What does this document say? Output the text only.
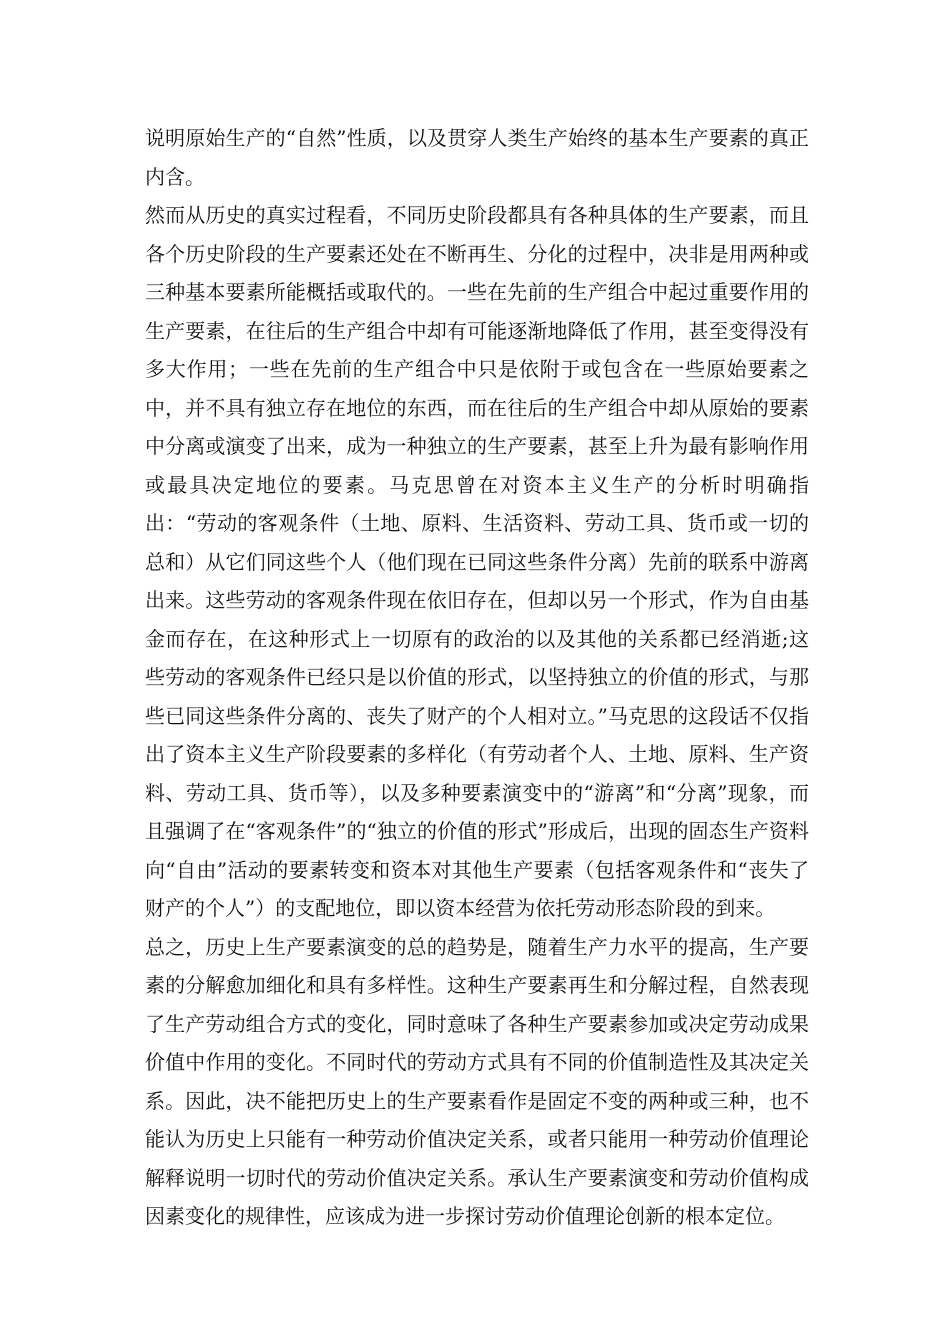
说明原始生产的“自然”性质，以及贯穿人类生产始终的基本生产要素的真正内含。

然而从历史的真实过程看，不同历史阶段都具有各种具体的生产要素，而且各个历史阶段的生产要素还处在不断再生、分化的过程中，决非是用两种或三种基本要素所能概括或取代的。一些在先前的生产组合中起过重要作用的生产要素，在往后的生产组合中却有可能逐渐地降低了作用，甚至变得没有多大作用；一些在先前的生产组合中只是依附于或包含在一些原始要素之中，并不具有独立存在地位的东西，而在往后的生产组合中却从原始的要素中分离或演变了出来，成为一种独立的生产要素，甚至上升为最有影响作用或最具决定地位的要素。马克思曾在对资本主义生产的分析时明确指出：“劳动的客观条件（土地、原料、生活资料、劳动工具、货币或一切的总和）从它们同这些个人（他们现在已同这些条件分离）先前的联系中游离出来。这些劳动的客观条件现在依旧存在，但却以另一个形式，作为自由基金而存在，在这种形式上一切原有的政治的以及其他的关系都已经消逝;这些劳动的客观条件已经只是以价值的形式，以坚持独立的价值的形式，与那些已同这些条件分离的、丧失了财产的个人相对立。”马克思的这段话不仅指出了资本主义生产阶段要素的多样化（有劳动者个人、土地、原料、生产资料、劳动工具、货币等），以及多种要素演变中的“游离”和“分离”现象，而且强调了在“客观条件”的“独立的价值的形式”形成后，出现的固态生产资料向“自由”活动的要素转变和资本对其他生产要素（包括客观条件和“丧失了财产的个人”）的支配地位，即以资本经营为依托劳动形态阶段的到来。

总之，历史上生产要素演变的总的趋势是，随着生产力水平的提高，生产要素的分解愈加细化和具有多样性。这种生产要素再生和分解过程，自然表现了生产劳动组合方式的变化，同时意味了各种生产要素参加或决定劳动成果价值中作用的变化。不同时代的劳动方式具有不同的价值制造性及其决定关系。因此，决不能把历史上的生产要素看作是固定不变的两种或三种，也不能认为历史上只能有一种劳动价值决定关系，或者只能用一种劳动价值理论解释说明一切时代的劳动价值决定关系。承认生产要素演变和劳动价值构成因素变化的规律性，应该成为进一步探讨劳动价值理论创新的根本定位。
